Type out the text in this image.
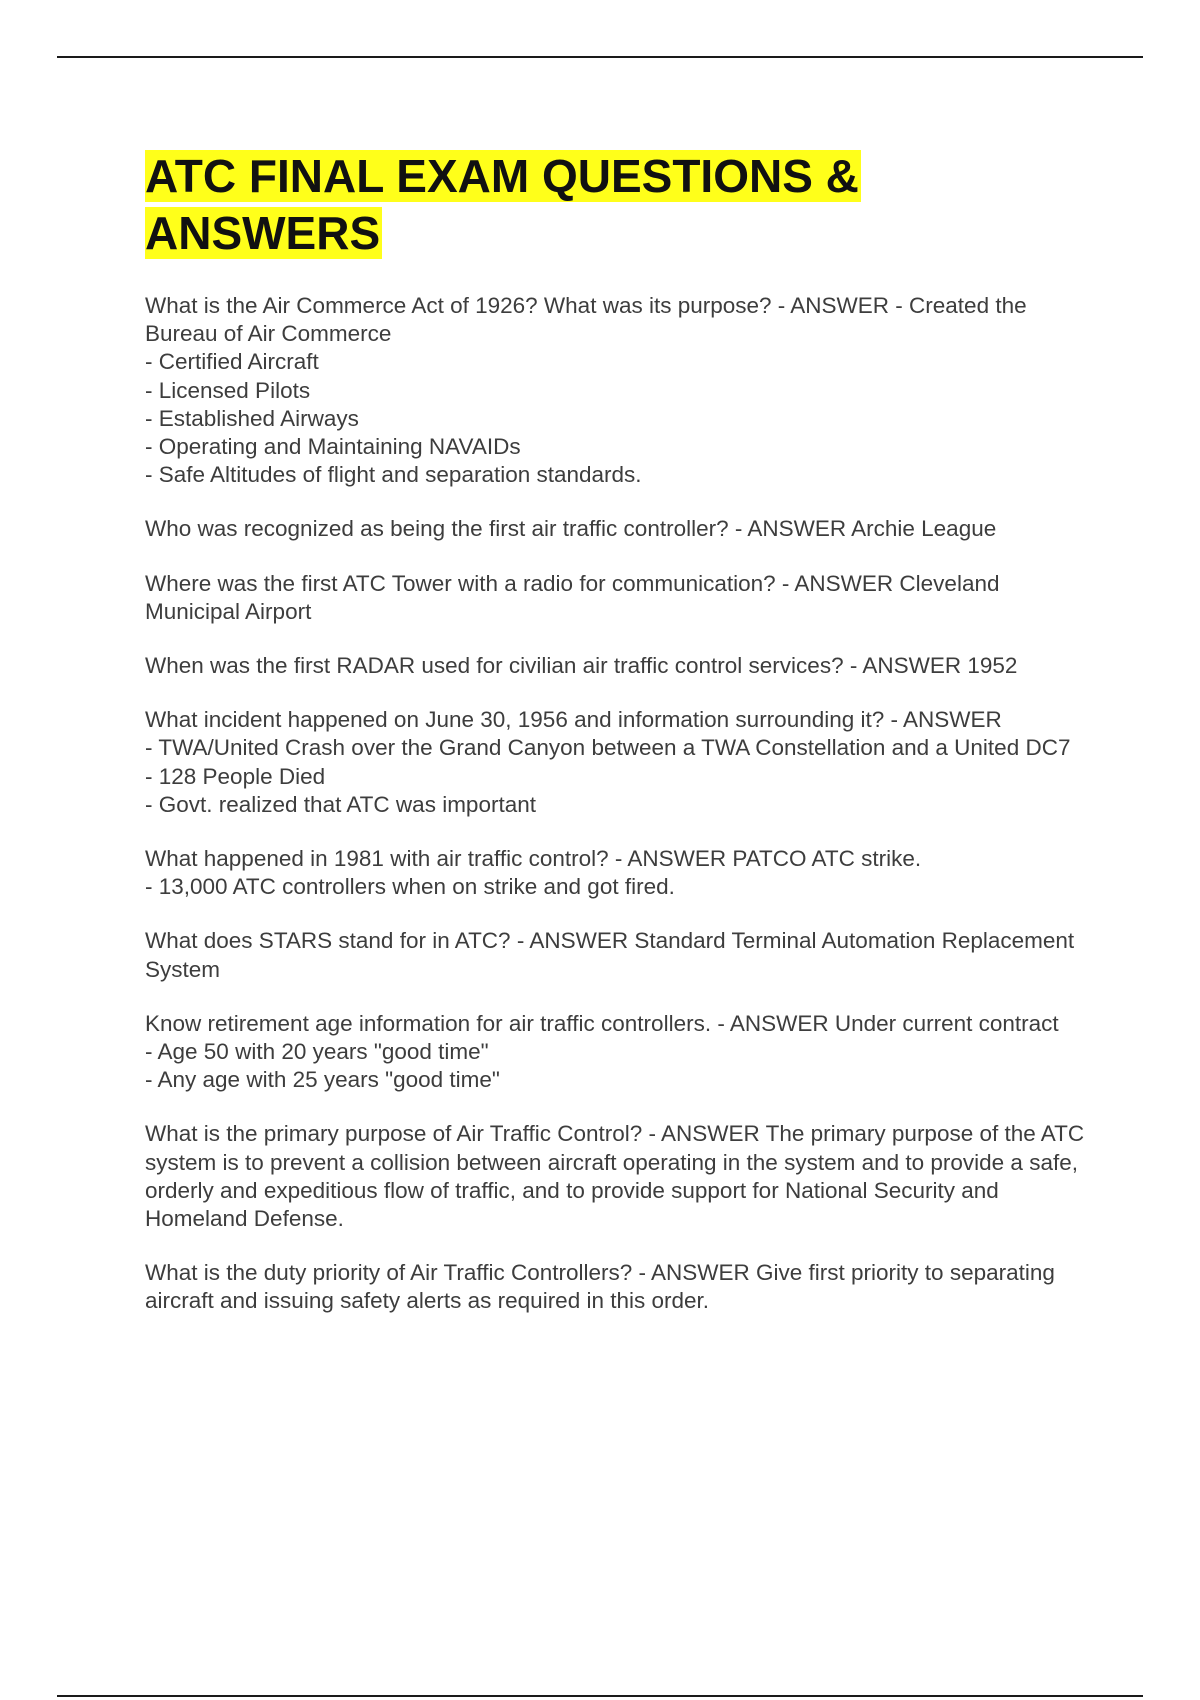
ATC FINAL EXAM QUESTIONS & ANSWERS
What is the Air Commerce Act of 1926? What was its purpose? - ANSWER - Created the Bureau of Air Commerce
- Certified Aircraft
- Licensed Pilots
- Established Airways
- Operating and Maintaining NAVAIDs
- Safe Altitudes of flight and separation standards.
Who was recognized as being the first air traffic controller? - ANSWER Archie League
Where was the first ATC Tower with a radio for communication? - ANSWER Cleveland Municipal Airport
When was the first RADAR used for civilian air traffic control services? - ANSWER 1952
What incident happened on June 30, 1956 and information surrounding it? - ANSWER
- TWA/United Crash over the Grand Canyon between a TWA Constellation and a United DC7
- 128 People Died
- Govt. realized that ATC was important
What happened in 1981 with air traffic control? - ANSWER PATCO ATC strike.
- 13,000 ATC controllers when on strike and got fired.
What does STARS stand for in ATC? - ANSWER Standard Terminal Automation Replacement System
Know retirement age information for air traffic controllers. - ANSWER Under current contract
- Age 50 with 20 years "good time"
- Any age with 25 years "good time"
What is the primary purpose of Air Traffic Control? - ANSWER The primary purpose of the ATC system is to prevent a collision between aircraft operating in the system and to provide a safe, orderly and expeditious flow of traffic, and to provide support for National Security and Homeland Defense.
What is the duty priority of Air Traffic Controllers? - ANSWER Give first priority to separating aircraft and issuing safety alerts as required in this order.
